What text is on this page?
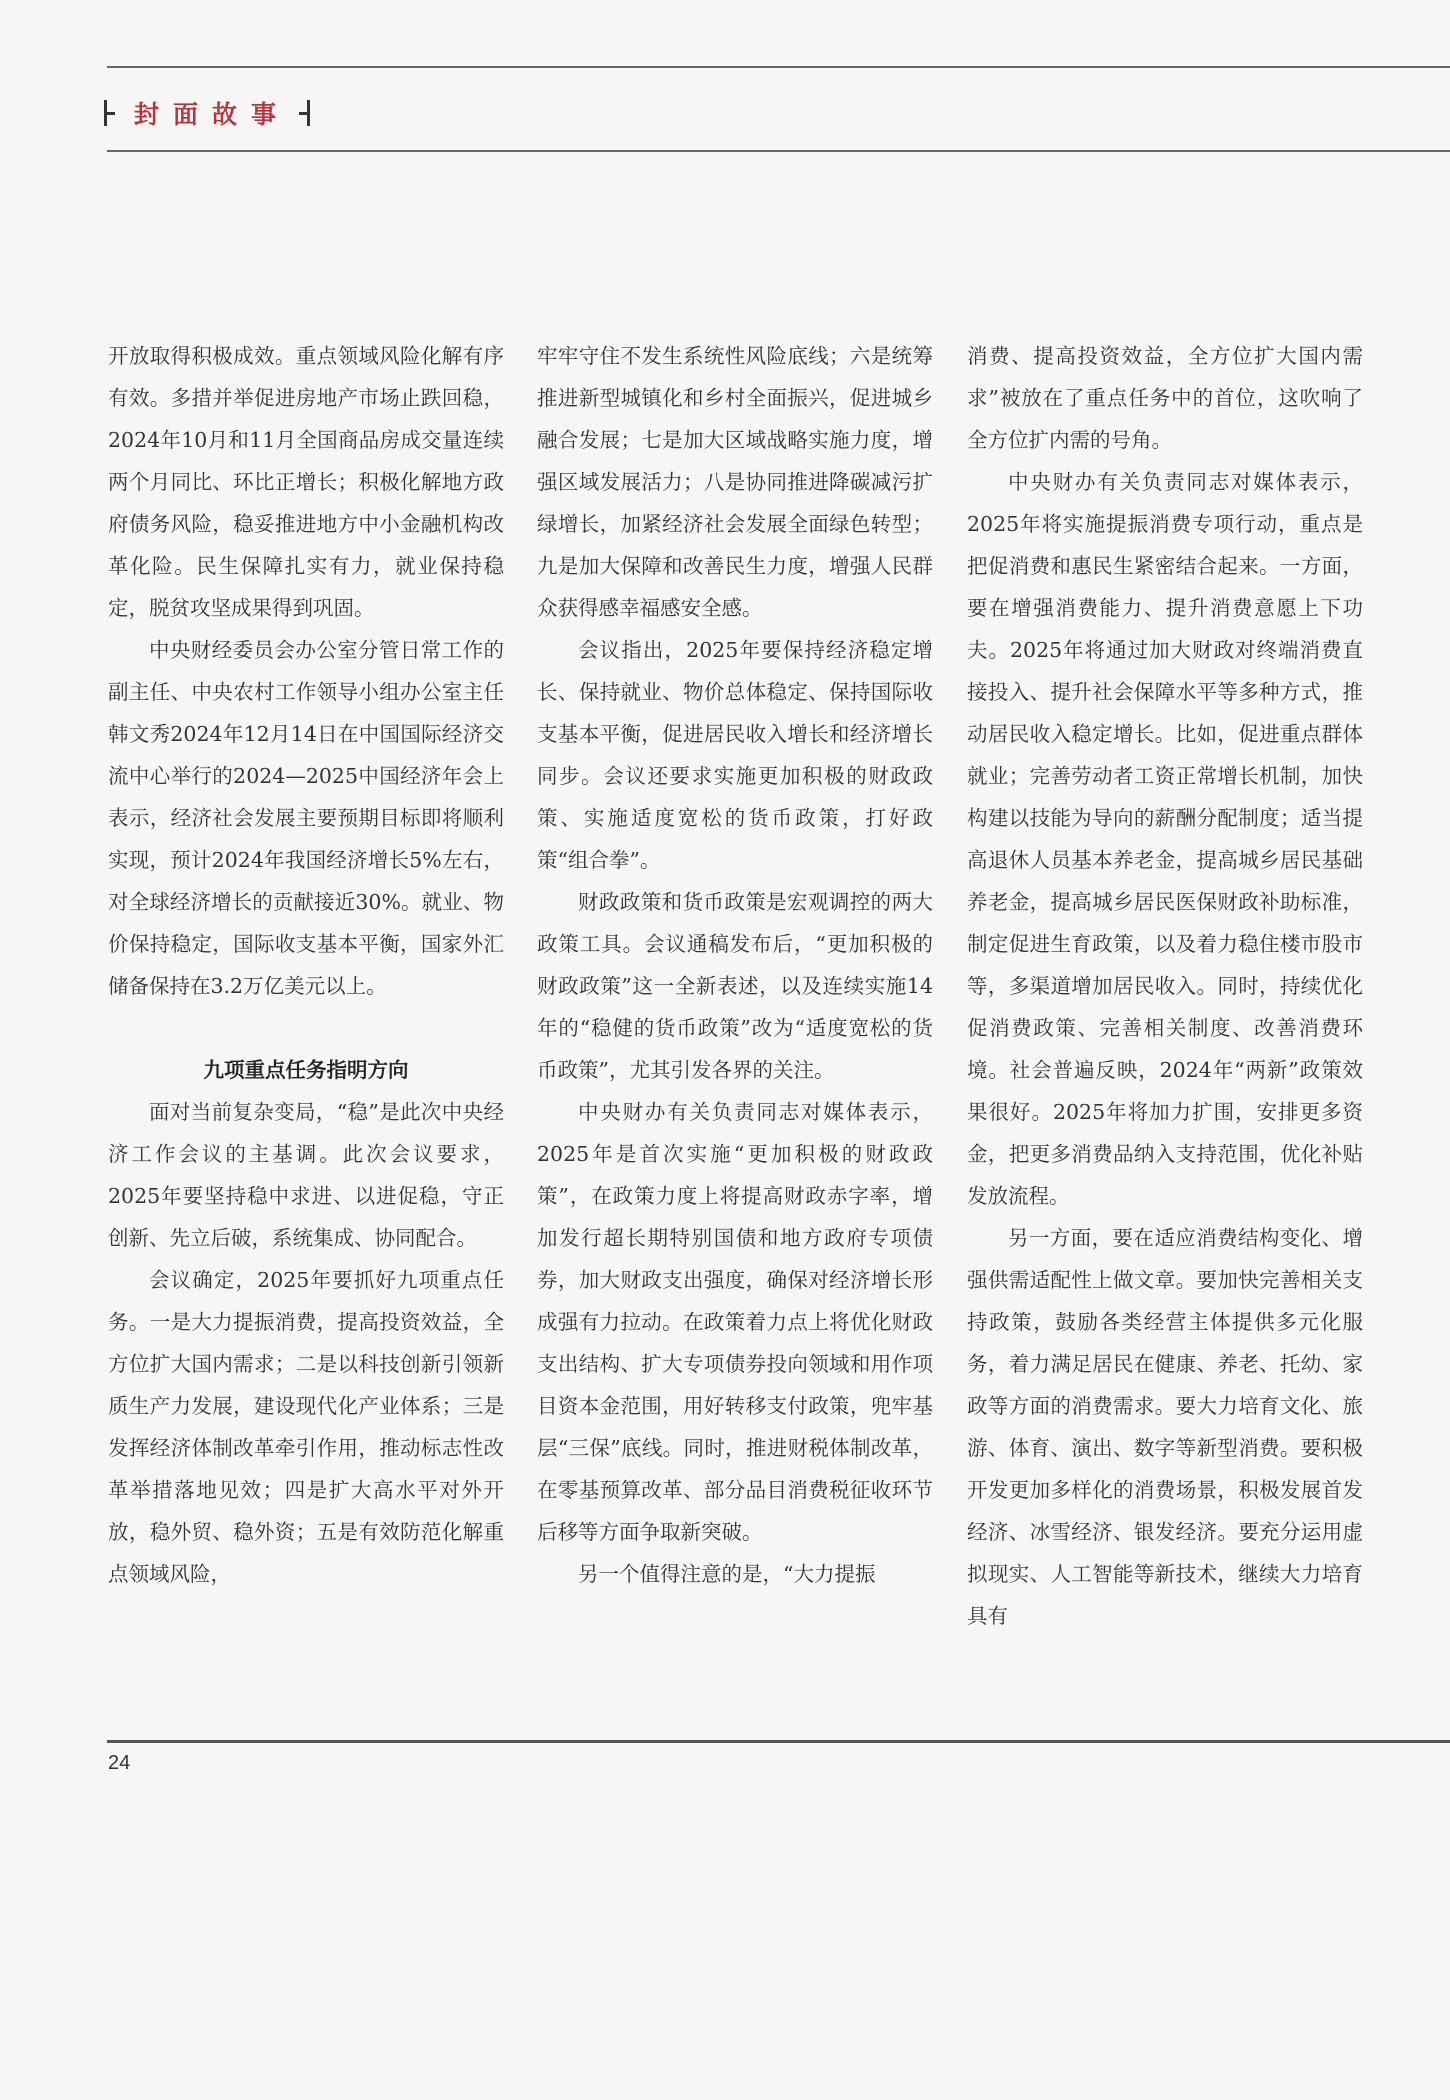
封面故事

开放取得积极成效。重点领域风险化解有序有效。多措并举促进房地产市场止跌回稳，2024年10月和11月全国商品房成交量连续两个月同比、环比正增长；积极化解地方政府债务风险，稳妥推进地方中小金融机构改革化险。民生保障扎实有力，就业保持稳定，脱贫攻坚成果得到巩固。

中央财经委员会办公室分管日常工作的副主任、中央农村工作领导小组办公室主任韩文秀2024年12月14日在中国国际经济交流中心举行的2024—2025中国经济年会上表示，经济社会发展主要预期目标即将顺利实现，预计2024年我国经济增长5%左右，对全球经济增长的贡献接近30%。就业、物价保持稳定，国际收支基本平衡，国家外汇储备保持在3.2万亿美元以上。

九项重点任务指明方向

面对当前复杂变局，“稳”是此次中央经济工作会议的主基调。此次会议要求，2025年要坚持稳中求进、以进促稳，守正创新、先立后破，系统集成、协同配合。

会议确定，2025年要抓好九项重点任务。一是大力提振消费，提高投资效益，全方位扩大国内需求；二是以科技创新引领新质生产力发展，建设现代化产业体系；三是发挥经济体制改革牵引作用，推动标志性改革举措落地见效；四是扩大高水平对外开放，稳外贸、稳外资；五是有效防范化解重点领域风险，

牢牢守住不发生系统性风险底线；六是统筹推进新型城镇化和乡村全面振兴，促进城乡融合发展；七是加大区域战略实施力度，增强区域发展活力；八是协同推进降碳减污扩绿增长，加紧经济社会发展全面绿色转型；九是加大保障和改善民生力度，增强人民群众获得感幸福感安全感。

会议指出，2025年要保持经济稳定增长、保持就业、物价总体稳定、保持国际收支基本平衡，促进居民收入增长和经济增长同步。会议还要求实施更加积极的财政政策、实施适度宽松的货币政策，打好政策“组合拳”。

财政政策和货币政策是宏观调控的两大政策工具。会议通稿发布后，“更加积极的财政政策”这一全新表述，以及连续实施14年的“稳健的货币政策”改为“适度宽松的货币政策”，尤其引发各界的关注。

中央财办有关负责同志对媒体表示，2025年是首次实施“更加积极的财政政策”，在政策力度上将提高财政赤字率，增加发行超长期特别国债和地方政府专项债券，加大财政支出强度，确保对经济增长形成强有力拉动。在政策着力点上将优化财政支出结构、扩大专项债券投向领域和用作项目资本金范围，用好转移支付政策，兜牢基层“三保”底线。同时，推进财税体制改革，在零基预算改革、部分品目消费税征收环节后移等方面争取新突破。

另一个值得注意的是，“大力提振

消费、提高投资效益，全方位扩大国内需求”被放在了重点任务中的首位，这吹响了全方位扩内需的号角。

中央财办有关负责同志对媒体表示，2025年将实施提振消费专项行动，重点是把促消费和惠民生紧密结合起来。一方面，要在增强消费能力、提升消费意愿上下功夫。2025年将通过加大财政对终端消费直接投入、提升社会保障水平等多种方式，推动居民收入稳定增长。比如，促进重点群体就业；完善劳动者工资正常增长机制，加快构建以技能为导向的薪酬分配制度；适当提高退休人员基本养老金，提高城乡居民基础养老金，提高城乡居民医保财政补助标准，制定促进生育政策，以及着力稳住楼市股市等，多渠道增加居民收入。同时，持续优化促消费政策、完善相关制度、改善消费环境。社会普遍反映，2024年“两新”政策效果很好。2025年将加力扩围，安排更多资金，把更多消费品纳入支持范围，优化补贴发放流程。

另一方面，要在适应消费结构变化、增强供需适配性上做文章。要加快完善相关支持政策，鼓励各类经营主体提供多元化服务，着力满足居民在健康、养老、托幼、家政等方面的消费需求。要大力培育文化、旅游、体育、演出、数字等新型消费。要积极开发更加多样化的消费场景，积极发展首发经济、冰雪经济、银发经济。要充分运用虚拟现实、人工智能等新技术，继续大力培育具有

24
